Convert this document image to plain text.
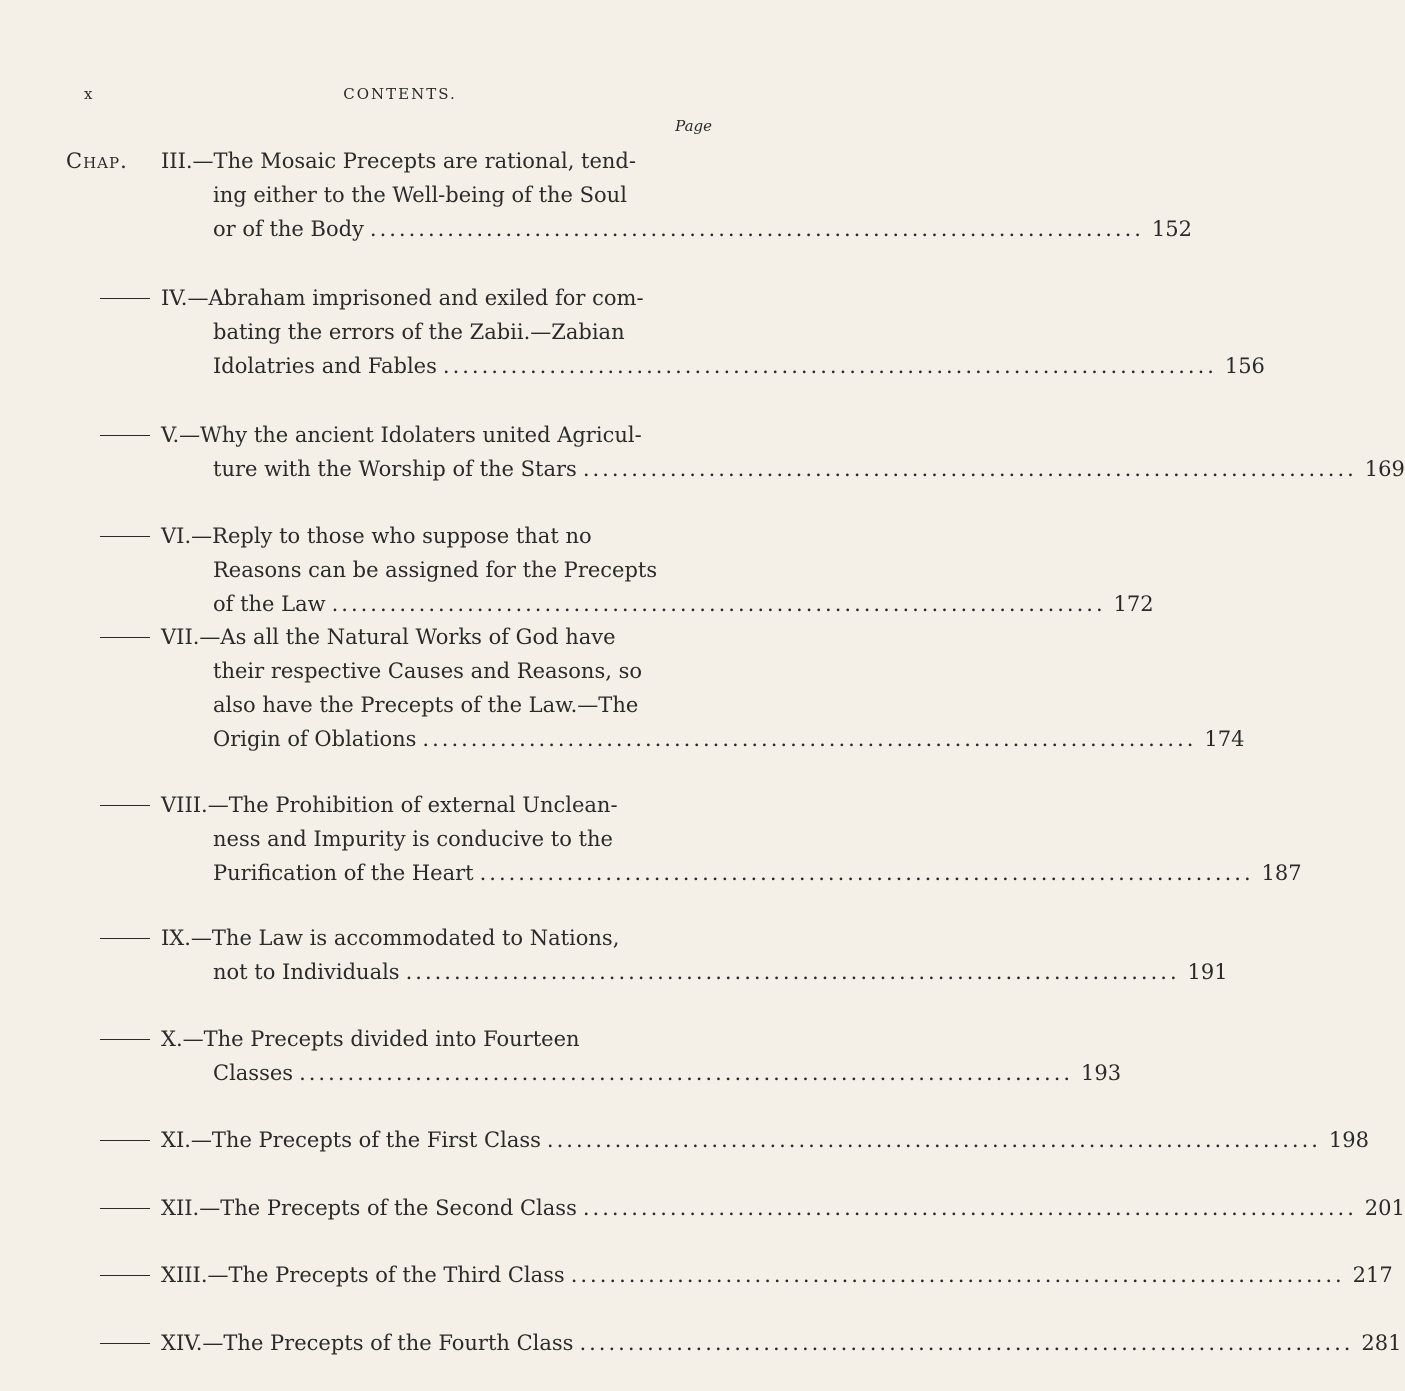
x	CONTENTS.
Page
Chap. III.—The Mosaic Precepts are rational, tend-
ing either to the Well-being of the Soul
or of the Body ................................................................................ 152
IV.—Abraham imprisoned and exiled for com-
bating the errors of the Zabii.—Zabian
Idolatries and Fables ................................................................................ 156
V.—Why the ancient Idolaters united Agricul-
ture with the Worship of the Stars ................................................................................ 169
VI.—Reply to those who suppose that no
Reasons can be assigned for the Precepts
of the Law ................................................................................ 172
VII.—As all the Natural Works of God have
their respective Causes and Reasons, so
also have the Precepts of the Law.—The
Origin of Oblations ................................................................................ 174
VIII.—The Prohibition of external Unclean-
ness and Impurity is conducive to the
Purification of the Heart ................................................................................ 187
IX.—The Law is accommodated to Nations,
not to Individuals ................................................................................ 191
X.—The Precepts divided into Fourteen
Classes ................................................................................ 193
XI.—The Precepts of the First Class ................................................................................ 198
XII.—The Precepts of the Second Class ................................................................................ 201
XIII.—The Precepts of the Third Class ................................................................................ 217
XIV.—The Precepts of the Fourth Class ................................................................................ 281
